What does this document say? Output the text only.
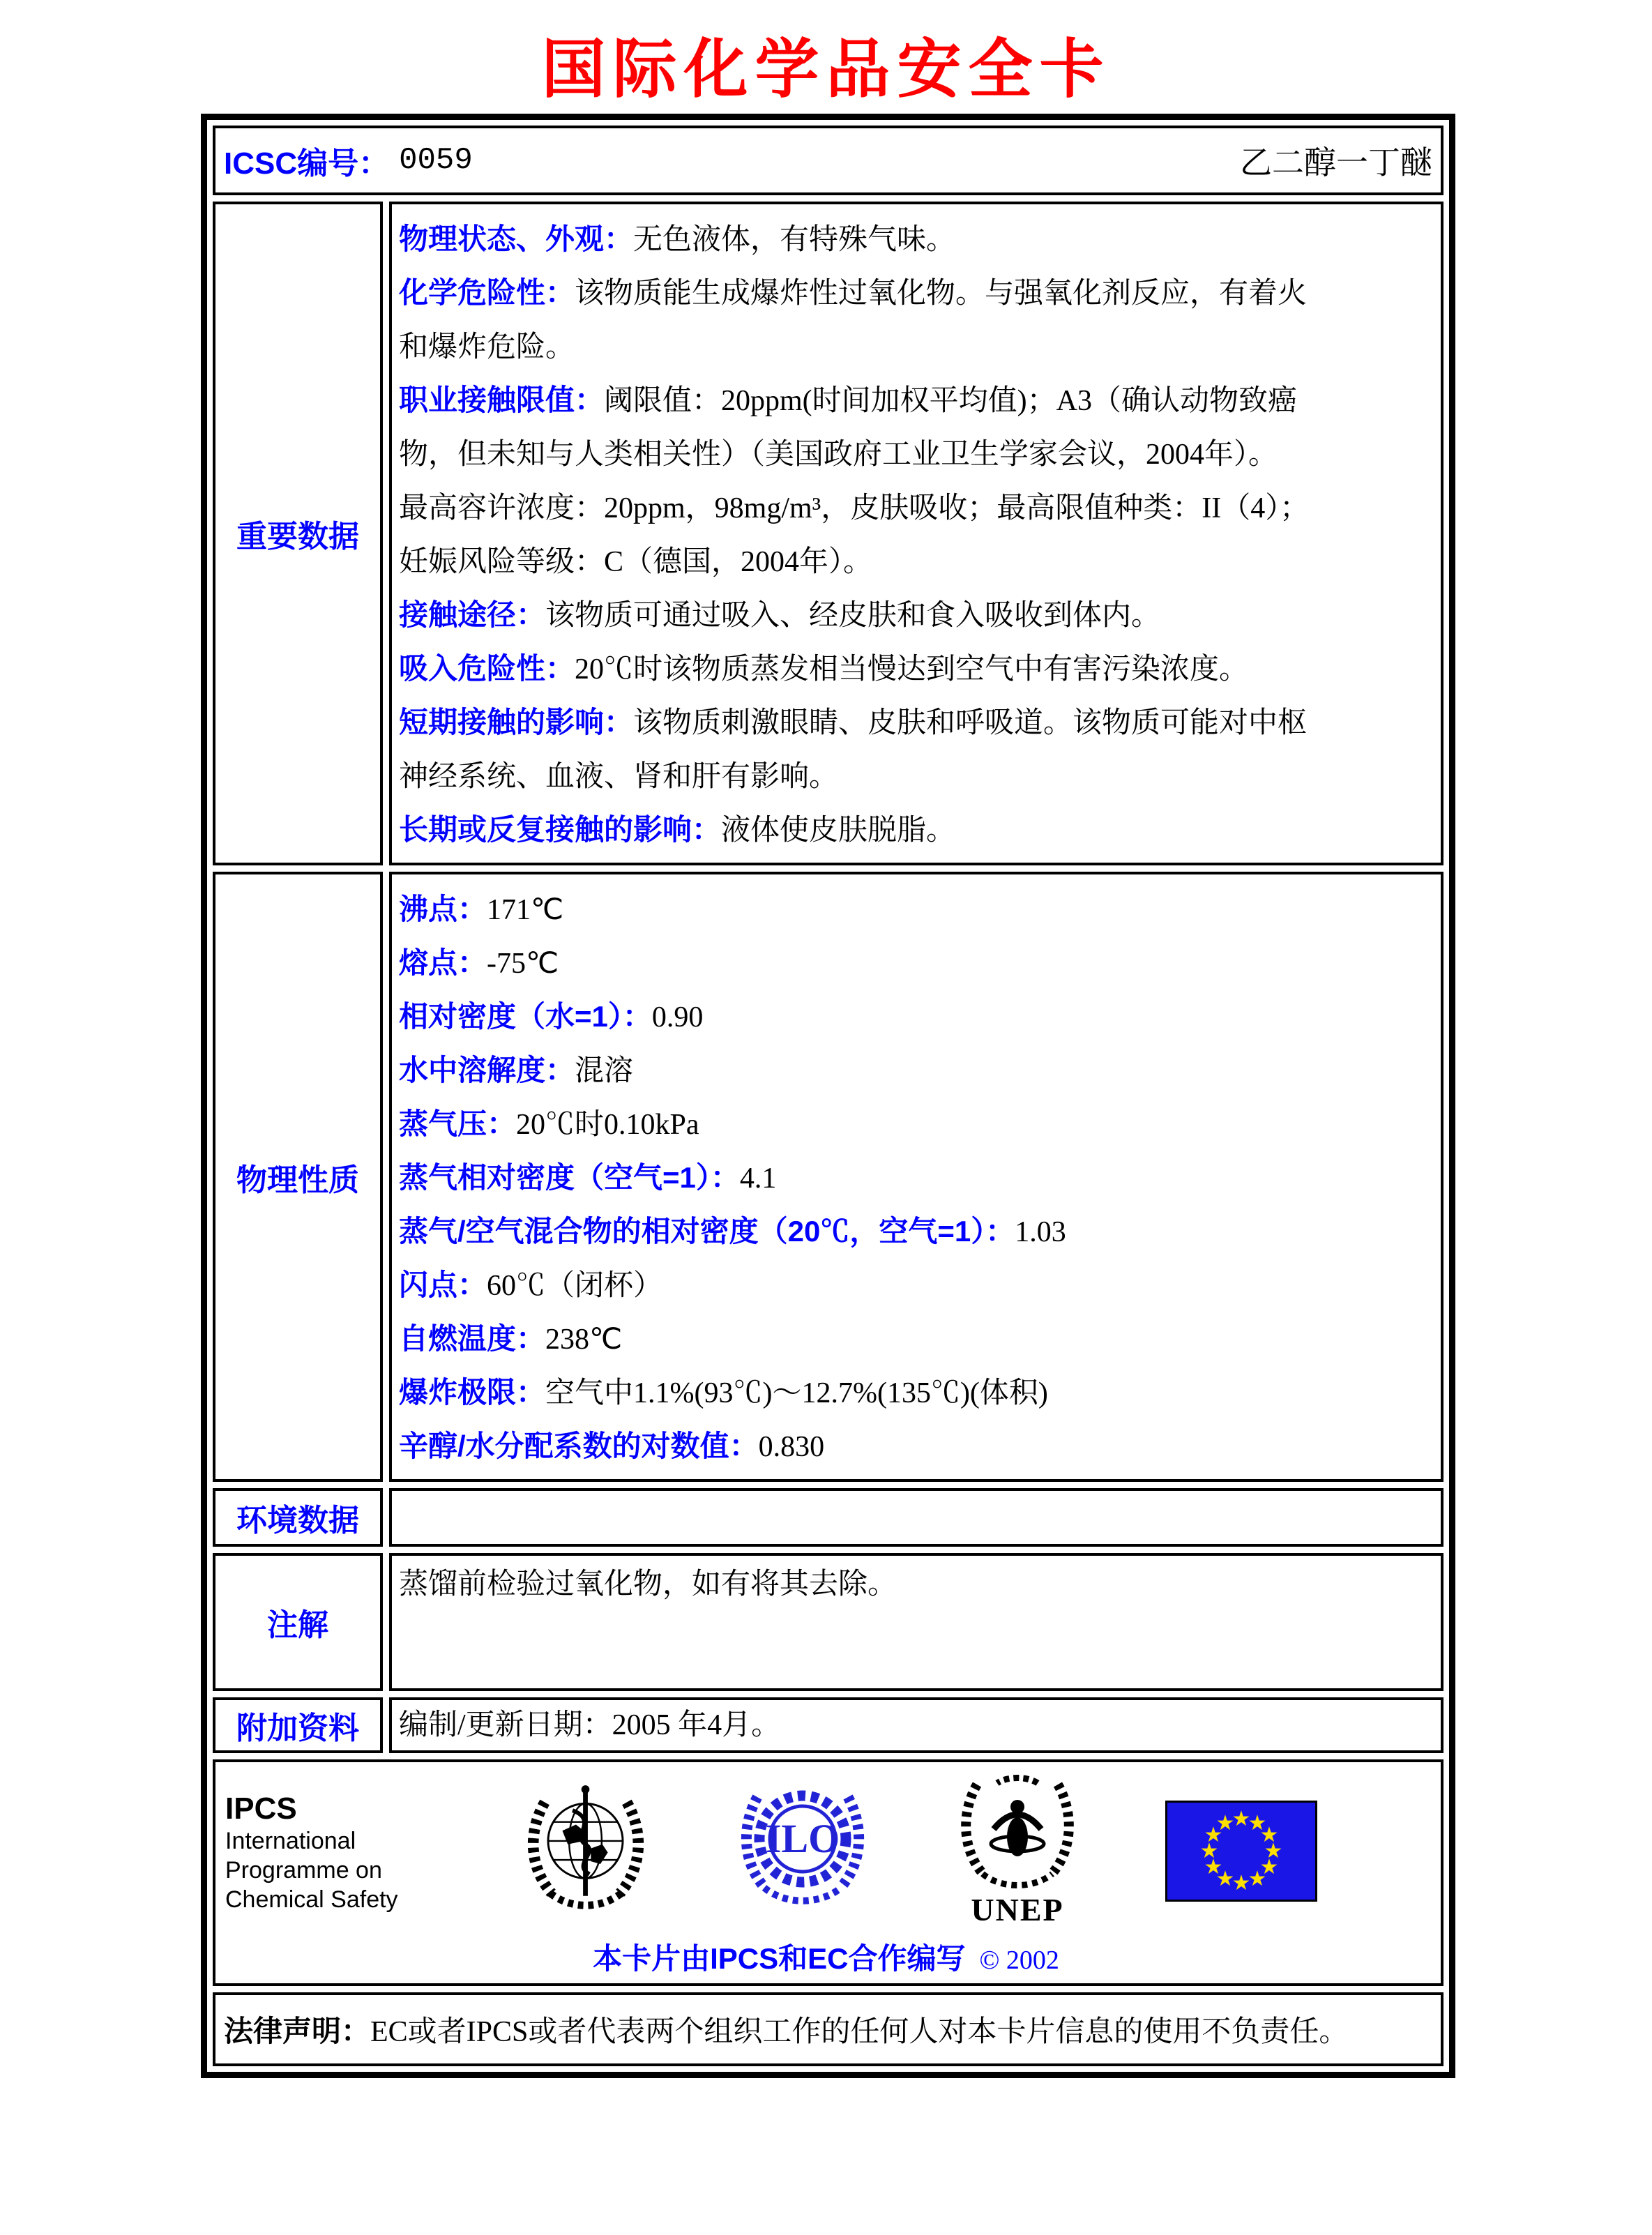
国际化学品安全卡
ICSC编号： 0059	乙二醇一丁醚
重要数据
物理状态、外观：无色液体，有特殊气味。
化学危险性：该物质能生成爆炸性过氧化物。与强氧化剂反应，有着火
和爆炸危险。
职业接触限值：阈限值：20ppm(时间加权平均值)；A3（确认动物致癌
物，但未知与人类相关性）（美国政府工业卫生学家会议，2004年）。
最高容许浓度：20ppm，98mg/m³，皮肤吸收；最高限值种类：II（4）；
妊娠风险等级：C（德国，2004年）。
接触途径：该物质可通过吸入、经皮肤和食入吸收到体内。
吸入危险性：20℃时该物质蒸发相当慢达到空气中有害污染浓度。
短期接触的影响：该物质刺激眼睛、皮肤和呼吸道。该物质可能对中枢
神经系统、血液、肾和肝有影响。
长期或反复接触的影响：液体使皮肤脱脂。
物理性质
沸点：171℃
熔点：-75℃
相对密度（水=1）：0.90
水中溶解度：混溶
蒸气压：20℃时0.10kPa
蒸气相对密度（空气=1）：4.1
蒸气/空气混合物的相对密度（20℃，空气=1）：1.03
闪点：60℃（闭杯）
自燃温度：238℃
爆炸极限：空气中1.1%(93℃)～12.7%(135℃)(体积)
辛醇/水分配系数的对数值：0.830
环境数据
注解
蒸馏前检验过氧化物，如有将其去除。
附加资料 编制/更新日期：2005 年4月。
IPCS
International
Programme on
Chemical Safety
ILO
UNEP
★
★
★
★
★
★
★
★
★
★
★
★
本卡片由IPCS和EC合作编写 © 2002
法律声明： EC或者IPCS或者代表两个组织工作的任何人对本卡片信息的使用不负责任。
